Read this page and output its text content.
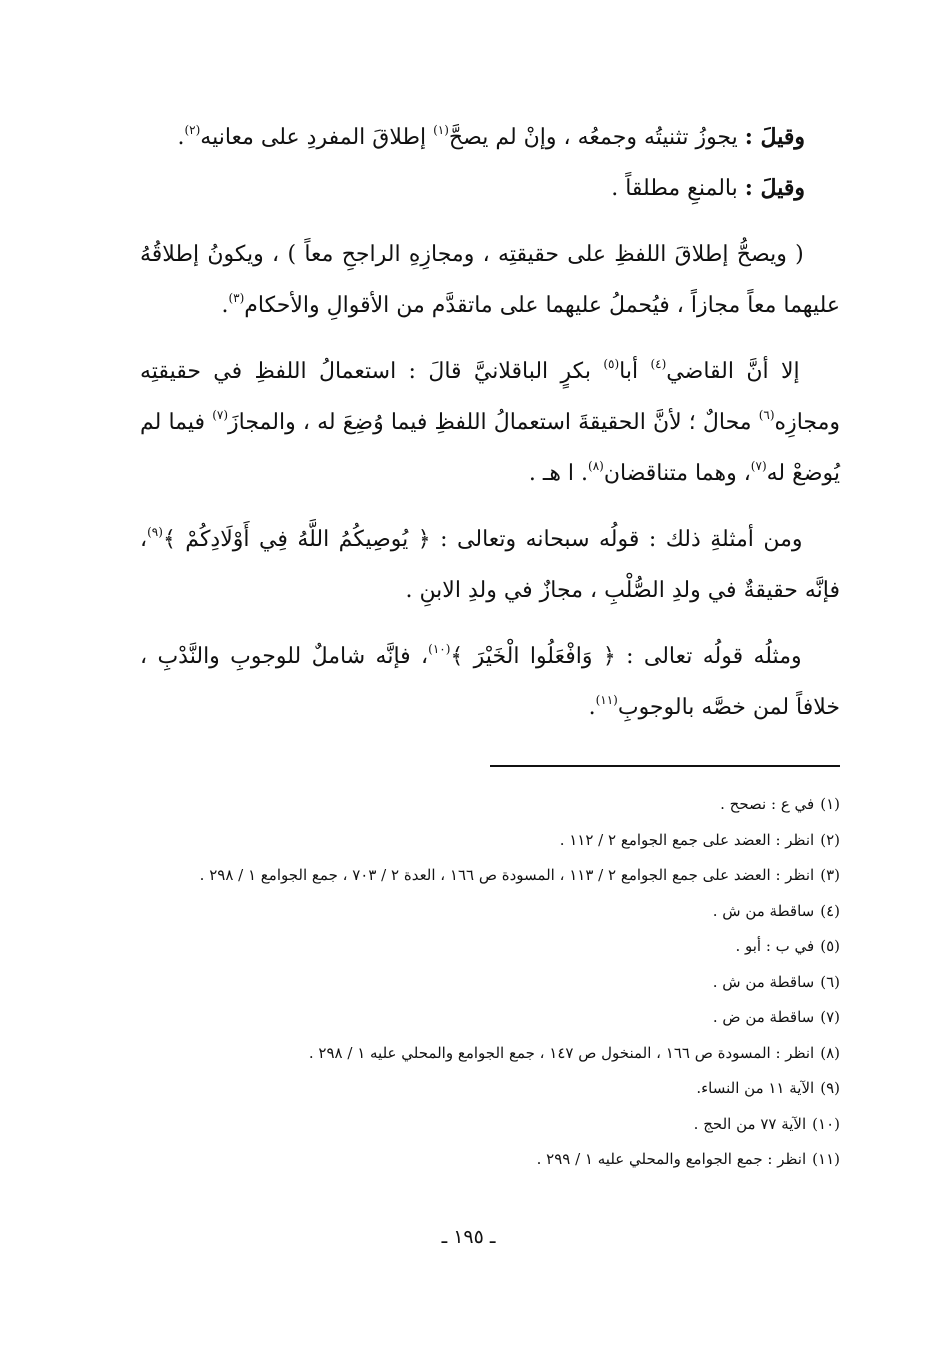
وقيلَ : يجوزُ تثنيتُه وجمعُه ، وإنْ لم يصحَّ$^{(١)}$ إطلاقَ المفردِ على معانيه$^{(٢)}$.

وقيلَ : بالمنعِ مطلقاً .

( ويصحُّ إطلاقَ اللفظِ على حقيقتِه ، ومجازِهِ الراجحِ معاً ) ، ويكونُ إطلاقُهُ عليهما معاً مجازاً ، فيُحملُ عليهما على ماتقدَّم من الأقوالِ والأحكام$^{(٣)}$.

إلا أنَّ القاضي$^{(٤)}$ أبا$^{(٥)}$ بكرٍ الباقلانيَّ قالَ : استعمالُ اللفظِ في حقيقتِه ومجازِه$^{(٦)}$ محالٌ ؛ لأنَّ الحقيقةَ استعمالُ اللفظِ فيما وُضِعَ له ، والمجازَ$^{(٧)}$ فيما لم يُوضعْ له$^{(٧)}$، وهما متناقضان$^{(٨)}$. ا هـ .

ومن أمثلةِ ذلك : قولُه سبحانه وتعالى : ﴿ يُوصِيكُمُ اللَّهُ فِي أَوْلَادِكُمْ ﴾$^{(٩)}$، فإنَّه حقيقةٌ في ولدِ الصُّلْبِ ، مجازٌ في ولدِ الابنِ .

ومثلُه قولُه تعالى : ﴿ وَافْعَلُوا الْخَيْرَ ﴾$^{(١٠)}$، فإنَّه شاملٌ للوجوبِ والنَّدْبِ ، خلافاً لمن خصَّه بالوجوبِ$^{(١١)}$.

(١)في ع : نصحح .

(٢)انظر : العضد على جمع الجوامع ٢ / ١١٢ .

(٣)انظر : العضد على جمع الجوامع ٢ / ١١٣ ، المسودة ص ١٦٦ ، العدة ٢ / ٧٠٣ ، جمع الجوامع ١ / ٢٩٨ .

(٤)ساقطة من ش .

(٥)في ب : أبو .

(٦)ساقطة من ش .

(٧)ساقطة من ض .

(٨)انظر : المسودة ص ١٦٦ ، المنخول ص ١٤٧ ، جمع الجوامع والمحلي عليه ١ / ٢٩٨ .

(٩)الآية ١١ من النساء.

(١٠)الآية ٧٧ من الحج .

(١١)انظر : جمع الجوامع والمحلي عليه ١ / ٢٩٩ .

ـ ١٩٥ ـ
